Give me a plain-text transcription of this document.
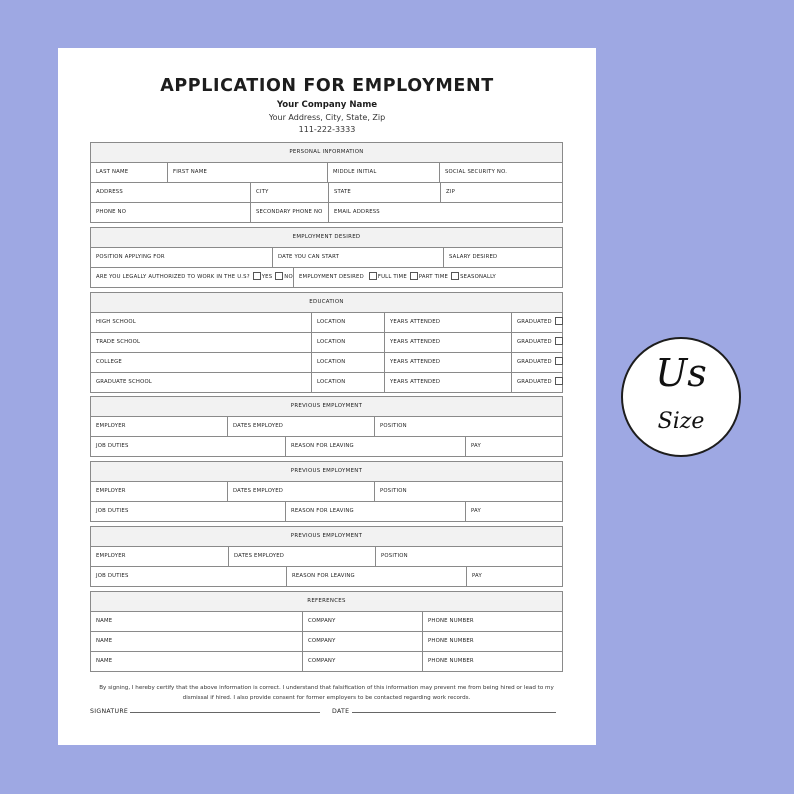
APPLICATION FOR EMPLOYMENT
Your Company Name
Your Address, City, State, Zip
111-222-3333
PERSONAL INFORMATION
LAST NAME	FIRST NAME	MIDDLE INITIAL	SOCIAL SECURITY NO.
ADDRESS	CITY	STATE	ZIP
PHONE NO	SECONDARY PHONE NO	EMAIL ADDRESS
EMPLOYMENT DESIRED
POSITION APPLYING FOR	DATE YOU CAN START	SALARY DESIRED
ARE YOU LEGALLY AUTHORIZED TO WORK IN THE U.S? YES NO	EMPLOYMENT DESIRED	FULL TIME PART TIME SEASONALLY
EDUCATION
HIGH SCHOOL	LOCATION	YEARS ATTENDED	GRADUATED
TRADE SCHOOL	LOCATION	YEARS ATTENDED	GRADUATED
COLLEGE	LOCATION	YEARS ATTENDED	GRADUATED
GRADUATE SCHOOL	LOCATION	YEARS ATTENDED	GRADUATED
PREVIOUS EMPLOYMENT
EMPLOYER	DATES EMPLOYED	POSITION
JOB DUTIES	REASON FOR LEAVING	PAY
PREVIOUS EMPLOYMENT
EMPLOYER	DATES EMPLOYED	POSITION
JOB DUTIES	REASON FOR LEAVING	PAY
PREVIOUS EMPLOYMENT
EMPLOYER	DATES EMPLOYED	POSITION
JOB DUTIES	REASON FOR LEAVING	PAY
REFERENCES
NAME	COMPANY	PHONE NUMBER
NAME	COMPANY	PHONE NUMBER
NAME	COMPANY	PHONE NUMBER
By signing, I hereby certify that the above information is correct. I understand that falsification of this information may prevent me from being hired or lead to my dismissal if hired. I also provide consent for former employers to be contacted regarding work records.
SIGNATURE	DATE
Us
Size
